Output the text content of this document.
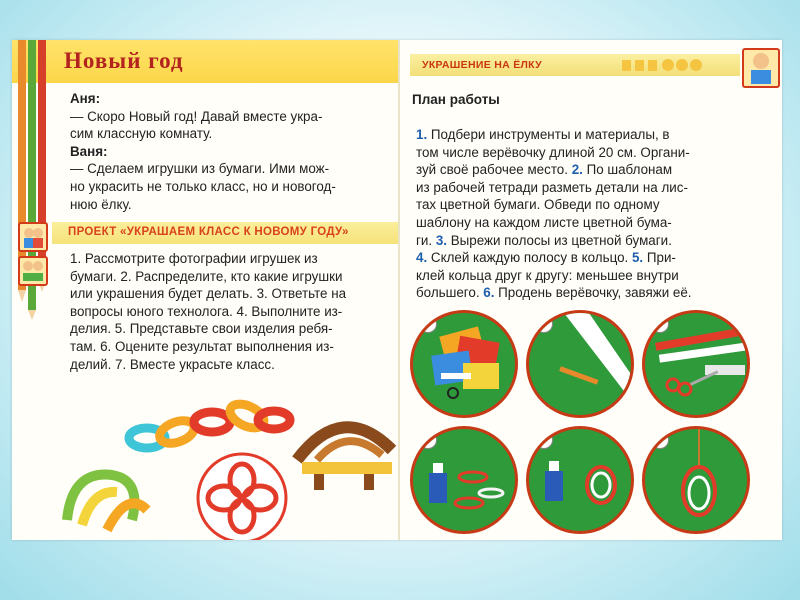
Новый год
Аня:
— Скоро Новый год! Давай вместе укра-
сим классную комнату.
Ваня:
— Сделаем игрушки из бумаги. Ими мож-
но украсить не только класс, но и новогод-
нюю ёлку.
ПРОЕКТ «УКРАШАЕМ КЛАСС К НОВОМУ ГОДУ»
1. Рассмотрите фотографии игрушек из
бумаги. 2. Распределите, кто какие игрушки
или украшения будет делать. 3. Ответьте на
вопросы юного технолога. 4. Выполните из-
делия. 5. Представьте свои изделия ребя-
там. 6. Оцените результат выполнения из-
делий. 7. Вместе украсьте класс.
УКРАШЕНИЕ НА ЁЛКУ
План работы
1. Подбери инструменты и материалы, в
том числе верёвочку длиной 20 см. Органи-
зуй своё рабочее место. 2. По шаблонам
из рабочей тетради разметь детали на лис-
тах цветной бумаги. Обведи по одному
шаблону на каждом листе цветной бума-
ги. 3. Вырежи полосы из цветной бумаги.
4. Склей каждую полосу в кольцо. 5. При-
клей кольца друг к другу: меньшее внутри
большего. 6. Продень верёвочку, завяжи её.
1	2	3
4	5	6
